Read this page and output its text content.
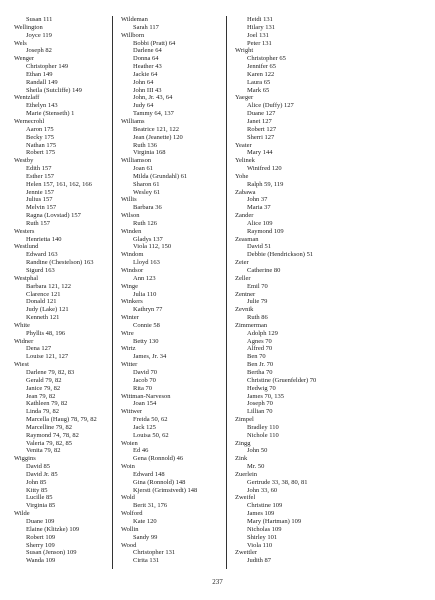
Susan 111
Wellington
Joyce 119
Wels
Joseph 82
Wenger
Christopher 149
Ethan 149
Randall 149
Sheila (Sutcliffe) 149
Wentzlaff
Ethelyn 143
Marie (Stenseth) 1
Wernecrohl
Aaron 175
Becky 175
Nathan 175
Robert 175
Westby
Edith 157
Esther 157
Helen 157, 161, 162, 166
Jennie 157
Julius 157
Melvin 157
Ragna (Lovstad) 157
Ruth 157
Westers
Henrietta 140
Westlund
Edward 163
Randine (Chestelson) 163
Sigurd 163
Westphal
Barbara 121, 122
Clarence 121
Donald 121
Judy (Lake) 121
Kenneth 121
White
Phyllis 48, 196
Widner
Dena 127
Louise 121, 127
Wiest
Darlene 79, 82, 83
Gerald 79, 82
Janice 79, 82
Jean 79, 82
Kathleen 79, 82
Linda 79, 82
Marcella (Haug) 78, 79, 82
Marcelline 79, 82
Raymond 74, 78, 82
Valeria 79, 82, 85
Venita 79, 82
Wiggins
David 85
David Jr. 85
John 85
Kitty 85
Lucille 85
Virginia 85
Wilde
Duane 109
Elaine (Klitzke) 109
Robert 109
Sherry 109
Susan (Jenson) 109
Wanda 109
Wildeman
Sarah 117
Willborn
Bobbi (Pratt) 64
Darlene 64
Donna 64
Heather 43
Jackie 64
John 64
John III 43
John, Jr. 43, 64
Judy 64
Tammy 64, 137
Williams
Beatrice 121, 122
Jean (Jeanette) 120
Ruth 136
Virginia 168
Williamson
Joan 61
Milda (Grundahl) 61
Sharon 61
Wesley 61
Willis
Barbara 36
Wilson
Ruth 126
Winden
Gladys 137
Viola 112, 150
Windom
Lloyd 163
Windsor
Ann 123
Winge
Julia 110
Winkers
Kathryn 77
Winter
Connie 58
Wire
Betty 130
Wirtz
James, Jr. 34
Witter
David 70
Jacob 70
Rita 70
Wittman-Narveson
Joan 154
Wittwer
Freida 50, 62
Jack 125
Louisa 50, 62
Woien
Ed 46
Gena (Ronnold) 46
Woin
Edward 148
Gina (Ronnold) 148
Kjersti (Grimstvedt) 148
Wold
Berit 31, 176
Wolford
Kate 120
Wollin
Sandy 99
Wood
Christopher 131
Cirita 131
Heidi 131
Hilary 131
Joel 131
Peter 131
Wright
Christopher 65
Jennifer 65
Karen 122
Laura 65
Mark 65
Yaeger
Alice (Duffy) 127
Duane 127
Janet 127
Robert 127
Sherri 127
Yeater
Mary 144
Yelinek
Winifred 120
Yohe
Ralph 59, 119
Zabawa
John 37
Maria 37
Zander
Alice 109
Raymond 109
Zeasman
David 51
Debbie (Hendrickson) 51
Zeier
Catherine 80
Zeller
Emil 70
Zentner
Julie 79
Zevnik
Ruth 86
Zimmerman
Adolph 129
Agnes 70
Alfred 70
Ben 70
Ben Jr. 70
Bertha 70
Christine (Gruenfelder) 70
Hedwig 70
James 70, 135
Joseph 70
Lillian 70
Zimpel
Bradley 110
Nichole 110
Zingg
John 50
Zink
Mr. 50
Zuerlein
Gertrude 33, 38, 80, 81
John 33, 60
Zweifel
Christine 109
James 109
Mary (Hartman) 109
Nicholas 109
Shirley 101
Viola 110
Zwettler
Judith 87
237
